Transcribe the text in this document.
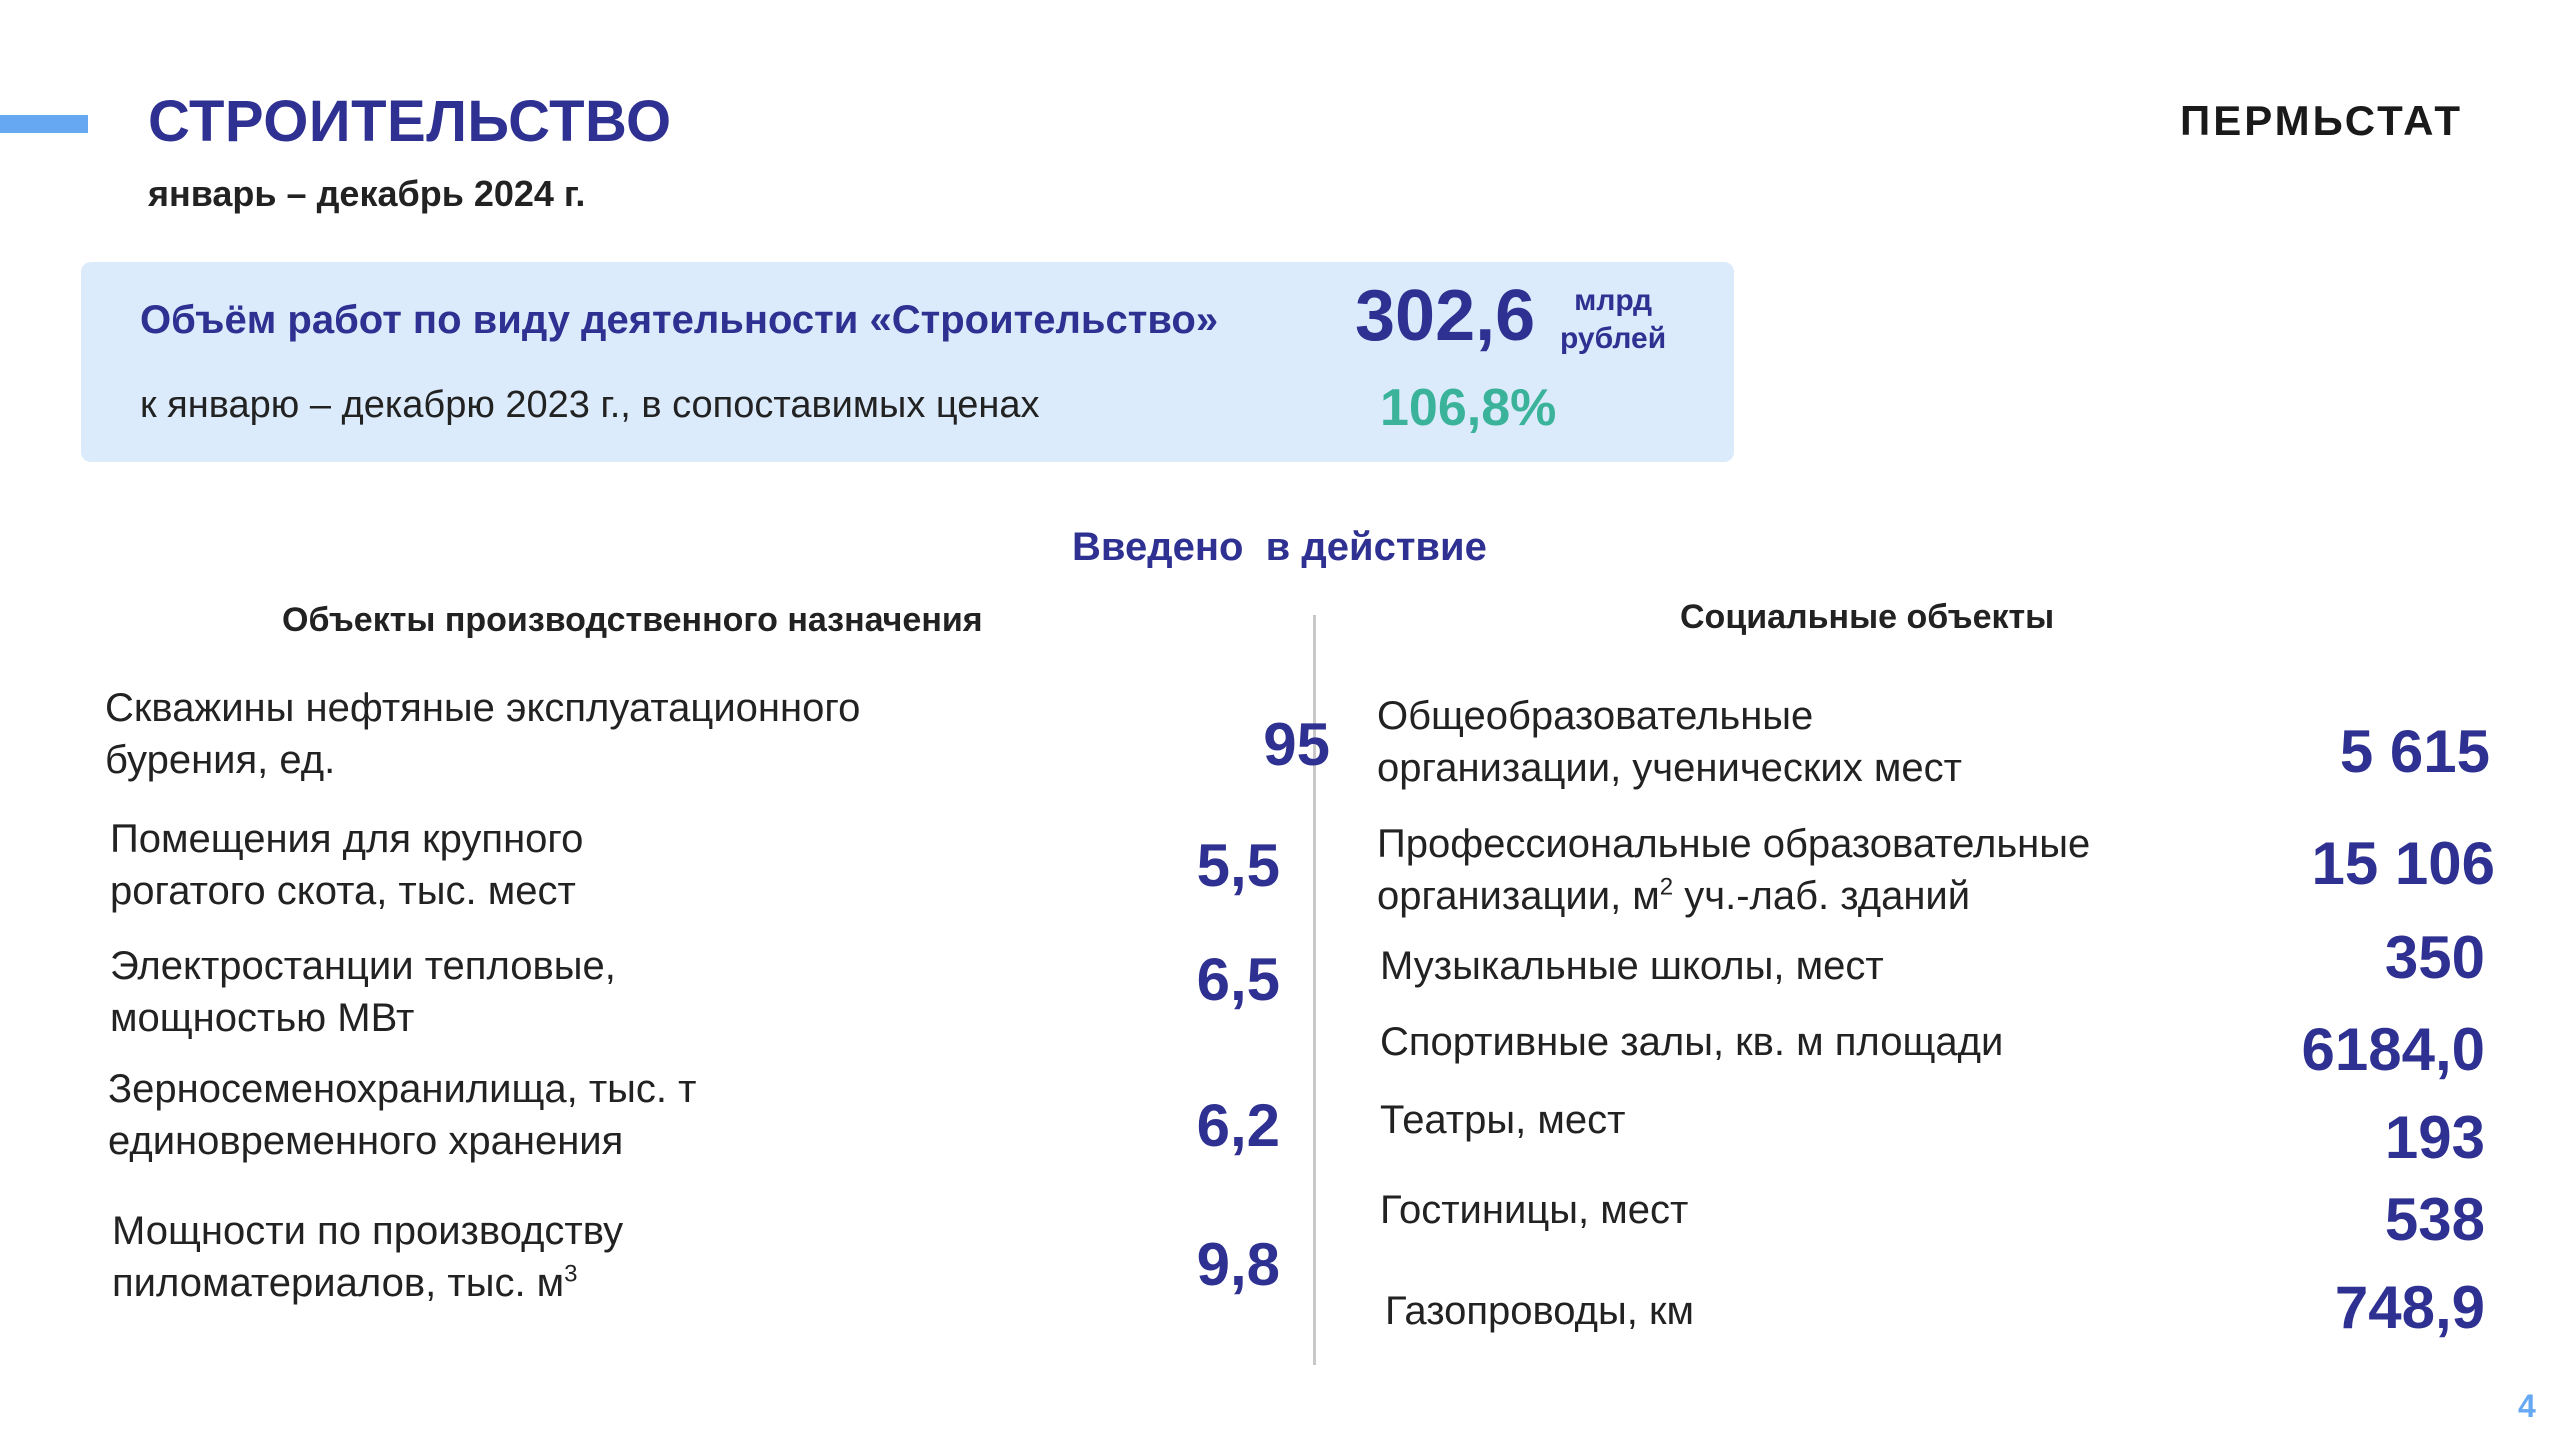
СТРОИТЕЛЬСТВО
январь – декабрь 2024 г.
ПЕРМЬСТАТ
Объём работ по виду деятельности «Строительство» 302,6	млрд
рублей
к январю – декабрю 2023 г., в сопоставимых ценах	106,8%
Введено  в действие
Объекты производственного назначения	Социальные объекты
Скважины нефтяные эксплуатационного
бурения, ед.	95
Помещения для крупного
рогатого скота, тыс. мест	5,5
Электростанции тепловые,
мощностью МВт
6,5
Зерносеменохранилища, тыс. т
единовременного хранения	6,2
Мощности по производству
пиломатериалов, тыс. $м^3$	9,8
Общеобразовательные
организации, ученических мест	5 615
Профессиональные образовательные
организации, $м^2$ уч.-лаб. зданий	15 106
Музыкальные школы, мест	350
Спортивные залы, кв. м площади	6184,0
Театры, мест	193
Гостиницы, мест	538
Газопроводы, км	748,9
4
